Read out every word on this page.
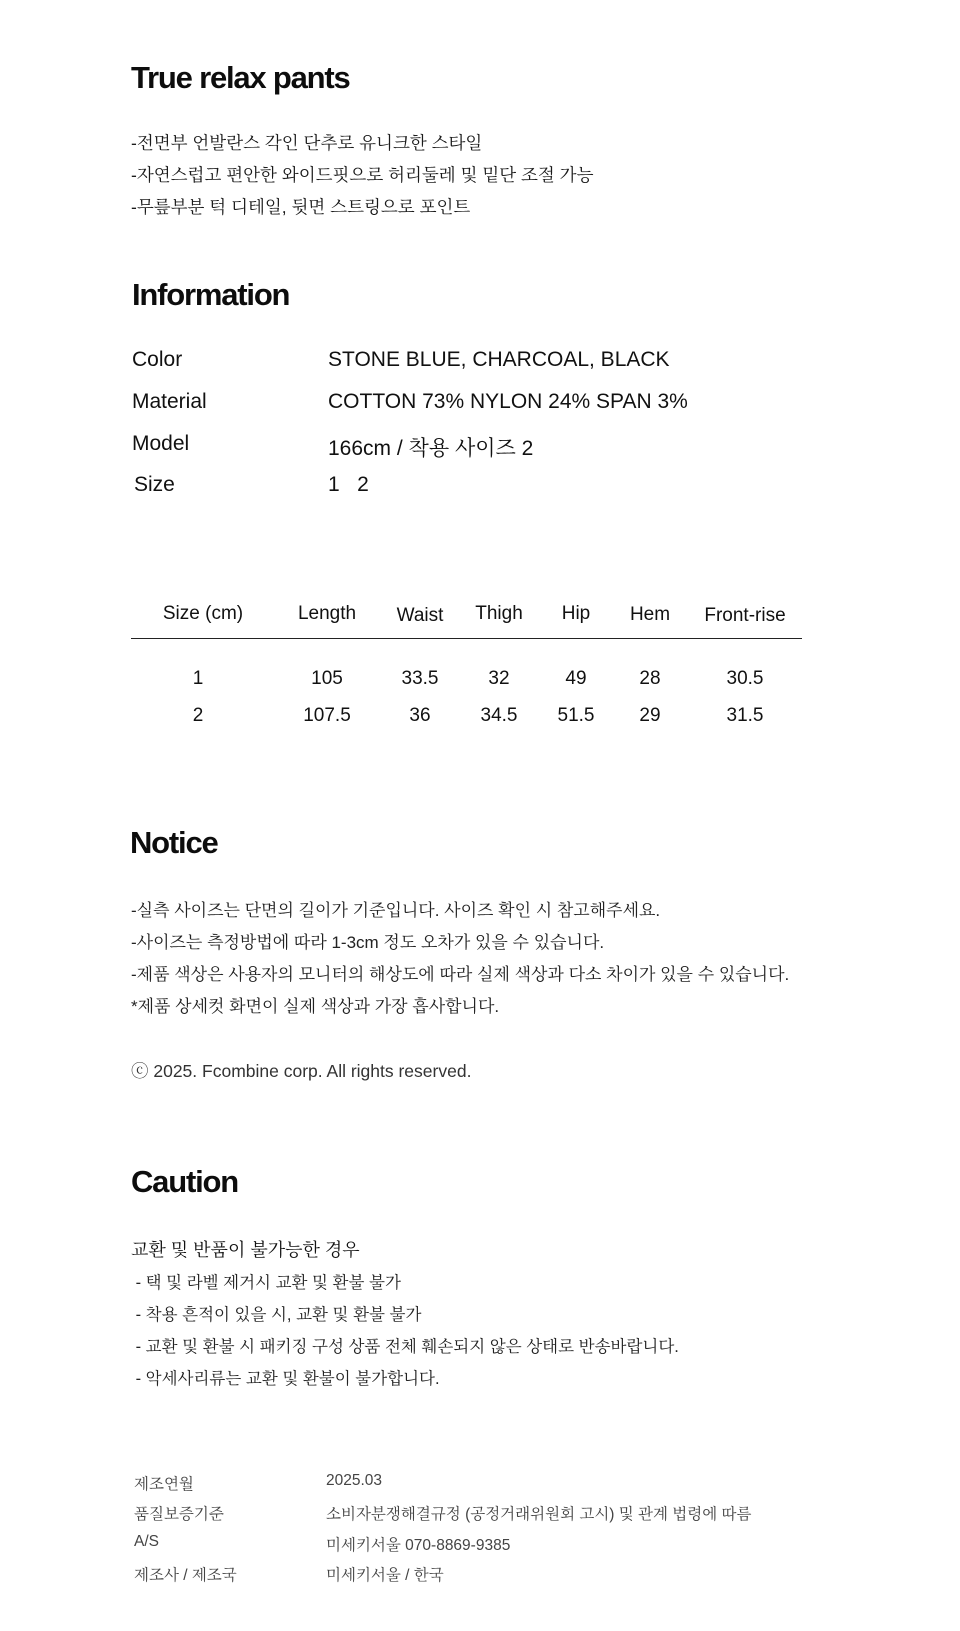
True relax pants
-전면부 언발란스 각인 단추로 유니크한 스타일
-자연스럽고 편안한 와이드핏으로 허리둘레 및 밑단 조절 가능
-무릎부분 턱 디테일, 뒷면 스트링으로 포인트
Information
Color	STONE BLUE, CHARCOAL, BLACK
Material	COTTON 73% NYLON 24% SPAN 3%
Model	166cm / 착용 사이즈 2
Size	1   2
Size (cm)	Length	Waist	Thigh	Hip	Hem	Front-rise
1	105	33.5	32	49	28	30.5
2	107.5	36	34.5	51.5	29	31.5
Notice
-실측 사이즈는 단면의 길이가 기준입니다. 사이즈 확인 시 참고해주세요.
-사이즈는 측정방법에 따라 1-3cm 정도 오차가 있을 수 있습니다.
-제품 색상은 사용자의 모니터의 해상도에 따라 실제 색상과 다소 차이가 있을 수 있습니다.
*제품 상세컷 화면이 실제 색상과 가장 흡사합니다.
ⓒ 2025. Fcombine corp. All rights reserved.
Caution
교환 및 반품이 불가능한 경우
- 택 및 라벨 제거시 교환 및 환불 불가
- 착용 흔적이 있을 시, 교환 및 환불 불가
- 교환 및 환불 시 패키징 구성 상품 전체 훼손되지 않은 상태로 반송바랍니다.
- 악세사리류는 교환 및 환불이 불가합니다.
제조연월	2025.03
품질보증기준	소비자분쟁해결규정 (공정거래위원회 고시) 및 관계 법령에 따름
A/S	미세키서울 070-8869-9385
제조사 / 제조국	미세키서울 / 한국
